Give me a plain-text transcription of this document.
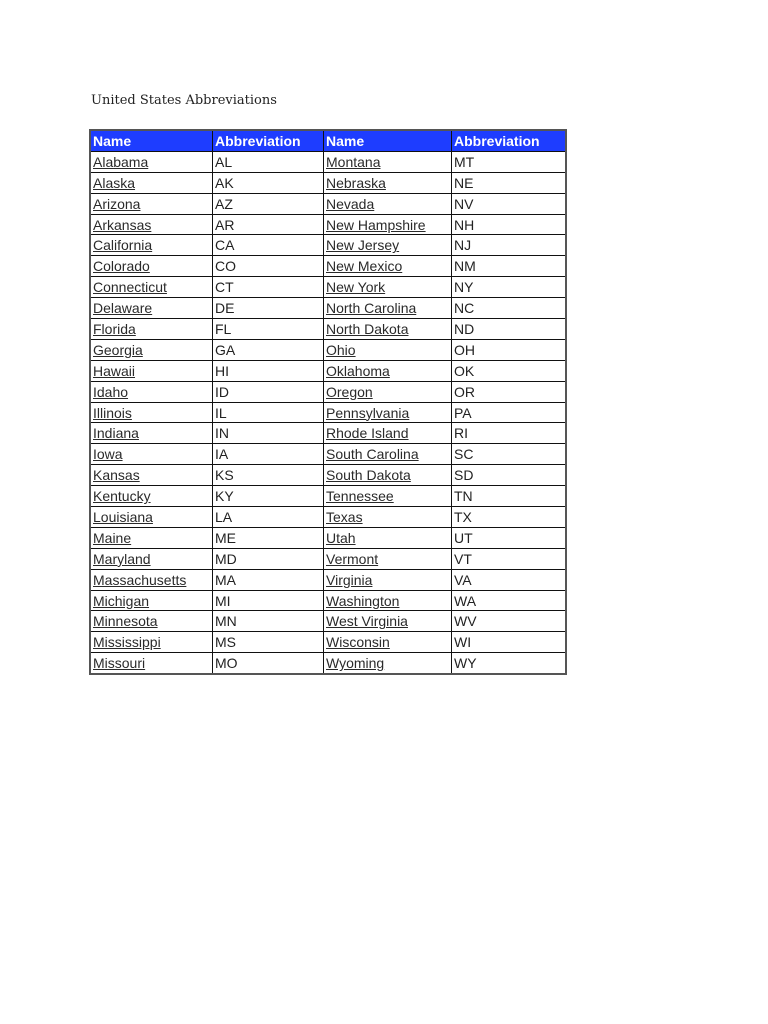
United States Abbreviations
Name	Abbreviation	Name	Abbreviation
Alabama	AL	Montana	MT
Alaska	AK	Nebraska	NE
Arizona	AZ	Nevada	NV
Arkansas	AR	New Hampshire	NH
California	CA	New Jersey	NJ
Colorado	CO	New Mexico	NM
Connecticut	CT	New York	NY
Delaware	DE	North Carolina	NC
Florida	FL	North Dakota	ND
Georgia	GA	Ohio	OH
Hawaii	HI	Oklahoma	OK
Idaho	ID	Oregon	OR
Illinois	IL	Pennsylvania	PA
Indiana	IN	Rhode Island	RI
Iowa	IA	South Carolina	SC
Kansas	KS	South Dakota	SD
Kentucky	KY	Tennessee	TN
Louisiana	LA	Texas	TX
Maine	ME	Utah	UT
Maryland	MD	Vermont	VT
Massachusetts	MA	Virginia	VA
Michigan	MI	Washington	WA
Minnesota	MN	West Virginia	WV
Mississippi	MS	Wisconsin	WI
Missouri	MO	Wyoming	WY
